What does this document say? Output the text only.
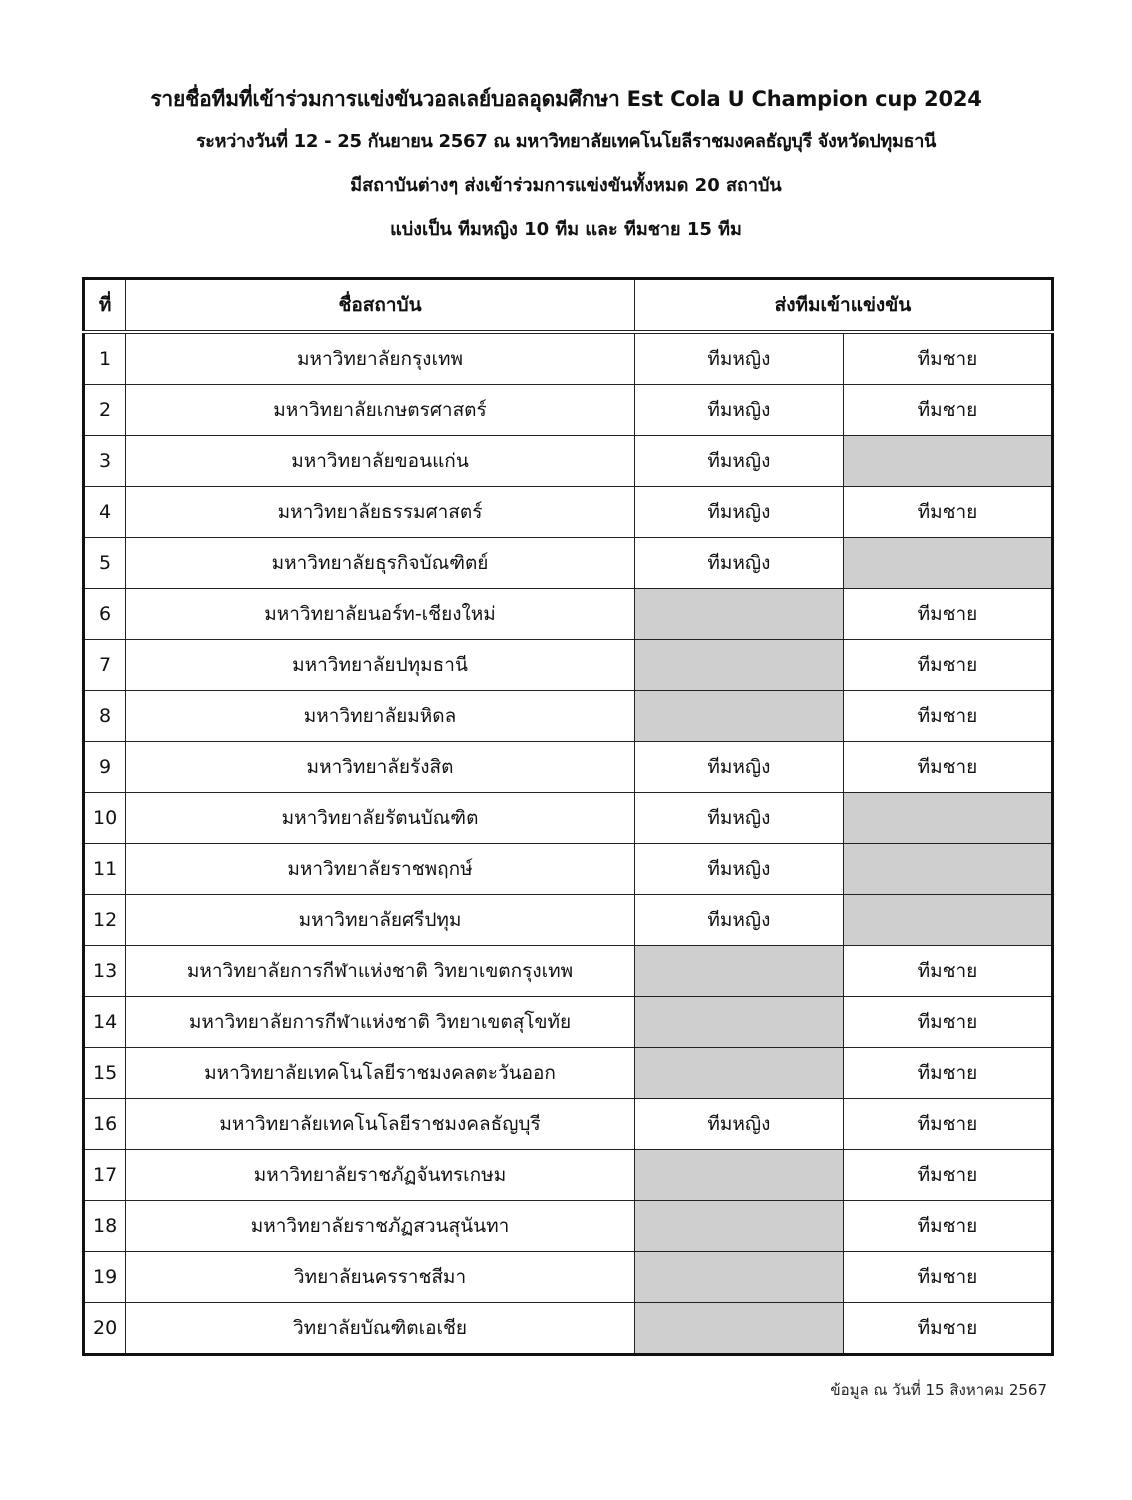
รายชื่อทีมที่เข้าร่วมการแข่งขันวอลเลย์บอลอุดมศึกษา Est Cola U Champion cup 2024

ระหว่างวันที่ 12 - 25 กันยายน 2567 ณ มหาวิทยาลัยเทคโนโยลีราชมงคลธัญบุรี จังหวัดปทุมธานี

มีสถาบันต่างๆ ส่งเข้าร่วมการแข่งขันทั้งหมด 20 สถาบัน

แบ่งเป็น ทีมหญิง 10 ทีม และ ทีมชาย 15 ทีม

ที่	ชื่อสถาบัน	ส่งทีมเข้าแข่งขัน	
1	มหาวิทยาลัยกรุงเทพ	ทีมหญิง	ทีมชาย
2	มหาวิทยาลัยเกษตรศาสตร์	ทีมหญิง	ทีมชาย
3	มหาวิทยาลัยขอนแก่น	ทีมหญิง	
4	มหาวิทยาลัยธรรมศาสตร์	ทีมหญิง	ทีมชาย
5	มหาวิทยาลัยธุรกิจบัณฑิตย์	ทีมหญิง	
6	มหาวิทยาลัยนอร์ท-เชียงใหม่		ทีมชาย
7	มหาวิทยาลัยปทุมธานี		ทีมชาย
8	มหาวิทยาลัยมหิดล		ทีมชาย
9	มหาวิทยาลัยรังสิต	ทีมหญิง	ทีมชาย
10	มหาวิทยาลัยรัตนบัณฑิต	ทีมหญิง	
11	มหาวิทยาลัยราชพฤกษ์	ทีมหญิง	
12	มหาวิทยาลัยศรีปทุม	ทีมหญิง	
13	มหาวิทยาลัยการกีฬาแห่งชาติ วิทยาเขตกรุงเทพ		ทีมชาย
14	มหาวิทยาลัยการกีฬาแห่งชาติ วิทยาเขตสุโขทัย		ทีมชาย
15	มหาวิทยาลัยเทคโนโลยีราชมงคลตะวันออก		ทีมชาย
16	มหาวิทยาลัยเทคโนโลยีราชมงคลธัญบุรี	ทีมหญิง	ทีมชาย
17	มหาวิทยาลัยราชภัฏจันทรเกษม		ทีมชาย
18	มหาวิทยาลัยราชภัฏสวนสุนันทา		ทีมชาย
19	วิทยาลัยนครราชสีมา		ทีมชาย
20	วิทยาลัยบัณฑิตเอเชีย		ทีมชาย
ข้อมูล ณ วันที่ 15 สิงหาคม 2567
